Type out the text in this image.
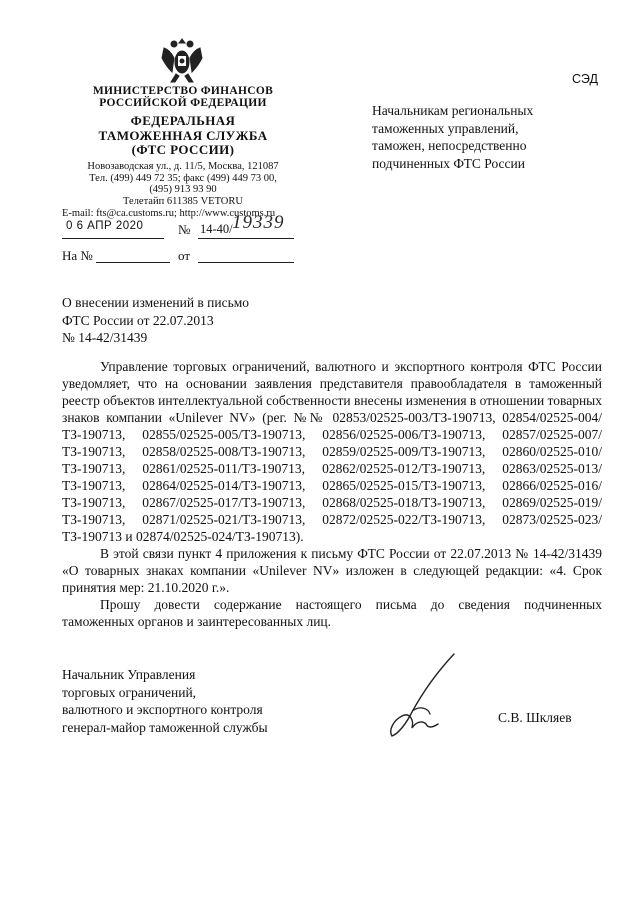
МИНИСТЕРСТВО ФИНАНСОВ
РОССИЙСКОЙ ФЕДЕРАЦИИ
ФЕДЕРАЛЬНАЯ
ТАМОЖЕННАЯ СЛУЖБА
(ФТС РОССИИ)
Новозаводская ул., д. 11/5, Москва, 121087
Тел. (499) 449 72 35; факс (499) 449 73 00,
(495) 913 93 90
Телетайп 611385 VETORU
E-mail: fts@ca.customs.ru; http://www.customs.ru
СЭД
Начальникам региональных
таможенных управлений,
таможен, непосредственно
подчиненных ФТС России
0 6 АПР 2020	№ 14-40/ 19339
На №	от
О внесении изменений в письмо
ФТС России от 22.07.2013
№ 14-42/31439

Управление торговых ограничений, валютного и экспортного контроля ФТС России уведомляет, что на основании заявления представителя правообладателя в таможенный реестр объектов интеллектуальной собственности внесены изменения в отношении товарных знаков компании «Unilever NV» (рег. №№ 02853/02525-003/ТЗ-190713, 02854/02525-004/ТЗ-190713, 02855/02525-005/ТЗ-190713, 02856/02525-006/ТЗ-190713, 02857/02525-007/ТЗ-190713, 02858/02525-008/ТЗ-190713, 02859/02525-009/ТЗ-190713, 02860/02525-010/ТЗ-190713, 02861/02525-011/ТЗ-190713, 02862/02525-012/ТЗ-190713, 02863/02525-013/ТЗ-190713, 02864/02525-014/ТЗ-190713, 02865/02525-015/ТЗ-190713, 02866/02525-016/ТЗ-190713, 02867/02525-017/ТЗ-190713, 02868/02525-018/ТЗ-190713, 02869/02525-019/ТЗ-190713, 02871/02525-021/ТЗ-190713, 02872/02525-022/ТЗ-190713, 02873/02525-023/ТЗ-190713 и 02874/02525-024/ТЗ-190713).

В этой связи пункт 4 приложения к письму ФТС России от 22.07.2013 № 14-42/31439 «О товарных знаках компании «Unilever NV» изложен в следующей редакции: «4. Срок принятия мер: 21.10.2020 г.».

Прошу довести содержание настоящего письма до сведения подчиненных таможенных органов и заинтересованных лиц.

Начальник Управления
торговых ограничений,
валютного и экспортного контроля
генерал-майор таможенной службы
С.В. Шкляев
